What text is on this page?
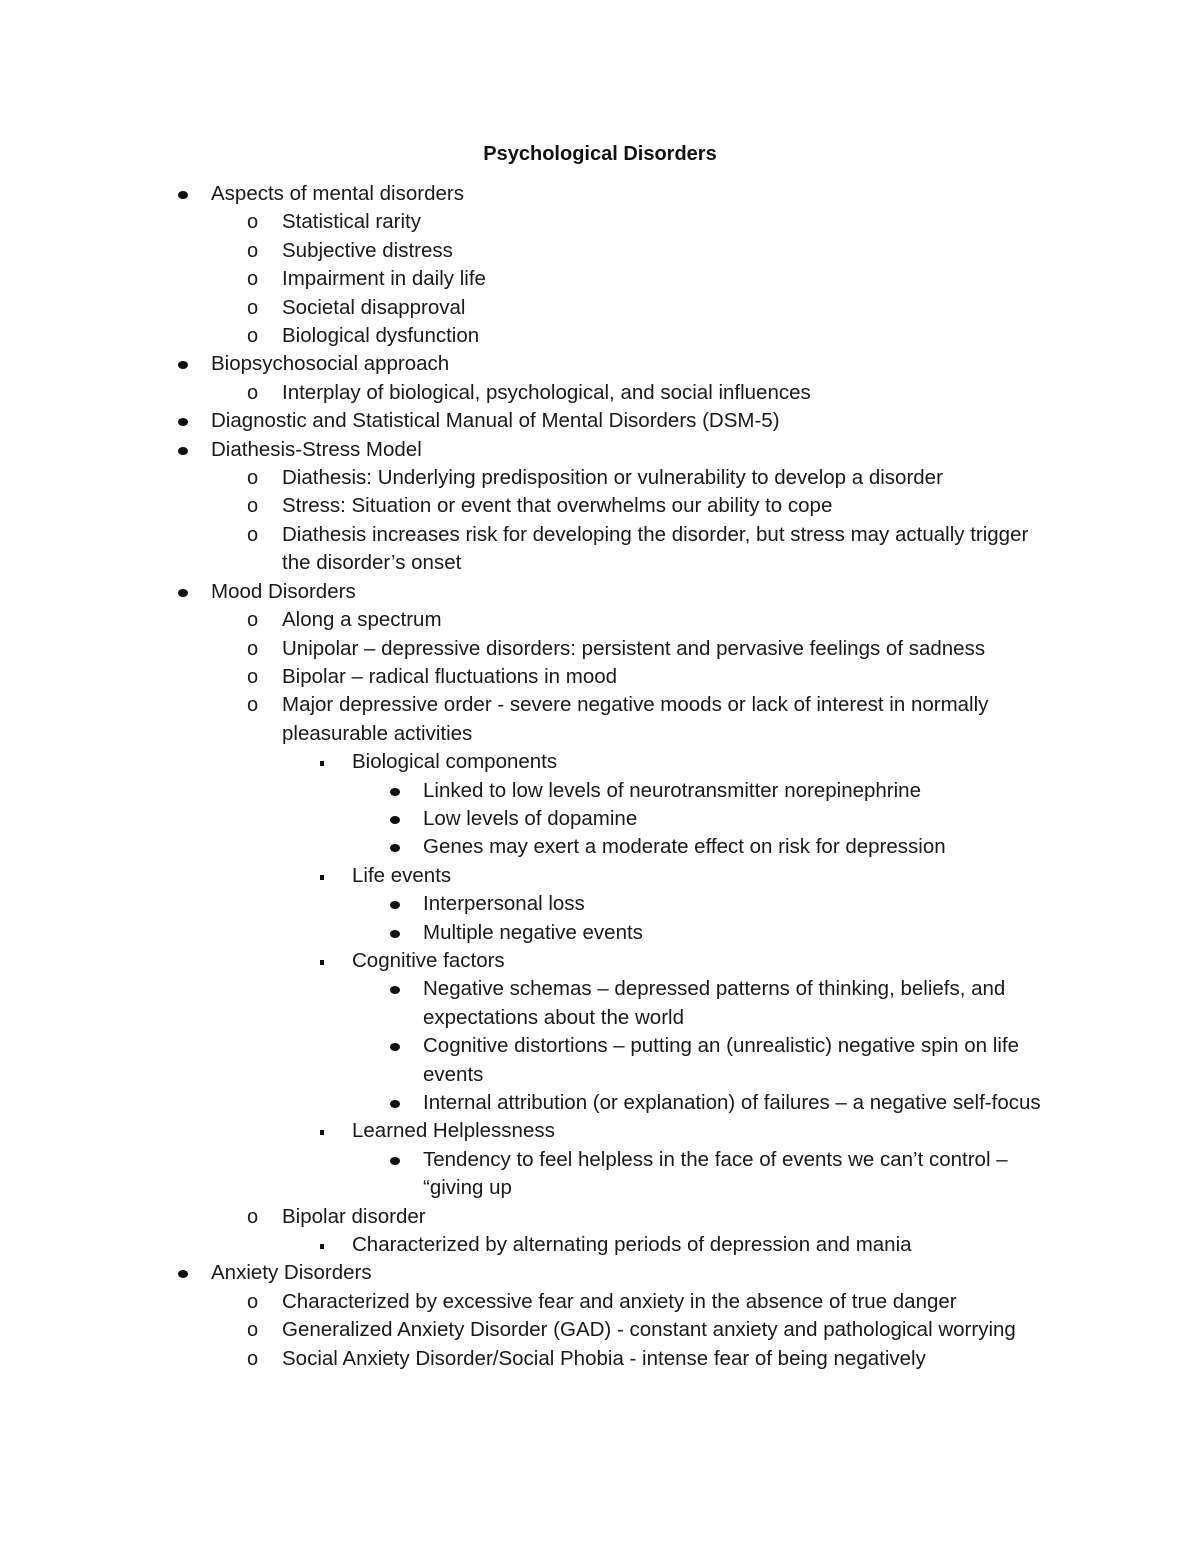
Psychological Disorders
Aspects of mental disorders
o Statistical rarity
o Subjective distress
o Impairment in daily life
o Societal disapproval
o Biological dysfunction
Biopsychosocial approach
o Interplay of biological, psychological, and social influences
Diagnostic and Statistical Manual of Mental Disorders (DSM-5)
Diathesis-Stress Model
o Diathesis: Underlying predisposition or vulnerability to develop a disorder
o Stress: Situation or event that overwhelms our ability to cope
o Diathesis increases risk for developing the disorder, but stress may actually trigger the disorder’s onset
Mood Disorders
o Along a spectrum
o Unipolar – depressive disorders: persistent and pervasive feelings of sadness
o Bipolar – radical fluctuations in mood
o Major depressive order - severe negative moods or lack of interest in normally pleasurable activities
Biological components
Linked to low levels of neurotransmitter norepinephrine
Low levels of dopamine
Genes may exert a moderate effect on risk for depression
Life events
Interpersonal loss
Multiple negative events
Cognitive factors
Negative schemas – depressed patterns of thinking, beliefs, and expectations about the world
Cognitive distortions – putting an (unrealistic) negative spin on life events
Internal attribution (or explanation) of failures – a negative self-focus
Learned Helplessness
Tendency to feel helpless in the face of events we can’t control – “giving up
o Bipolar disorder
Characterized by alternating periods of depression and mania
Anxiety Disorders
o Characterized by excessive fear and anxiety in the absence of true danger
o Generalized Anxiety Disorder (GAD) - constant anxiety and pathological worrying
o Social Anxiety Disorder/Social Phobia - intense fear of being negatively
